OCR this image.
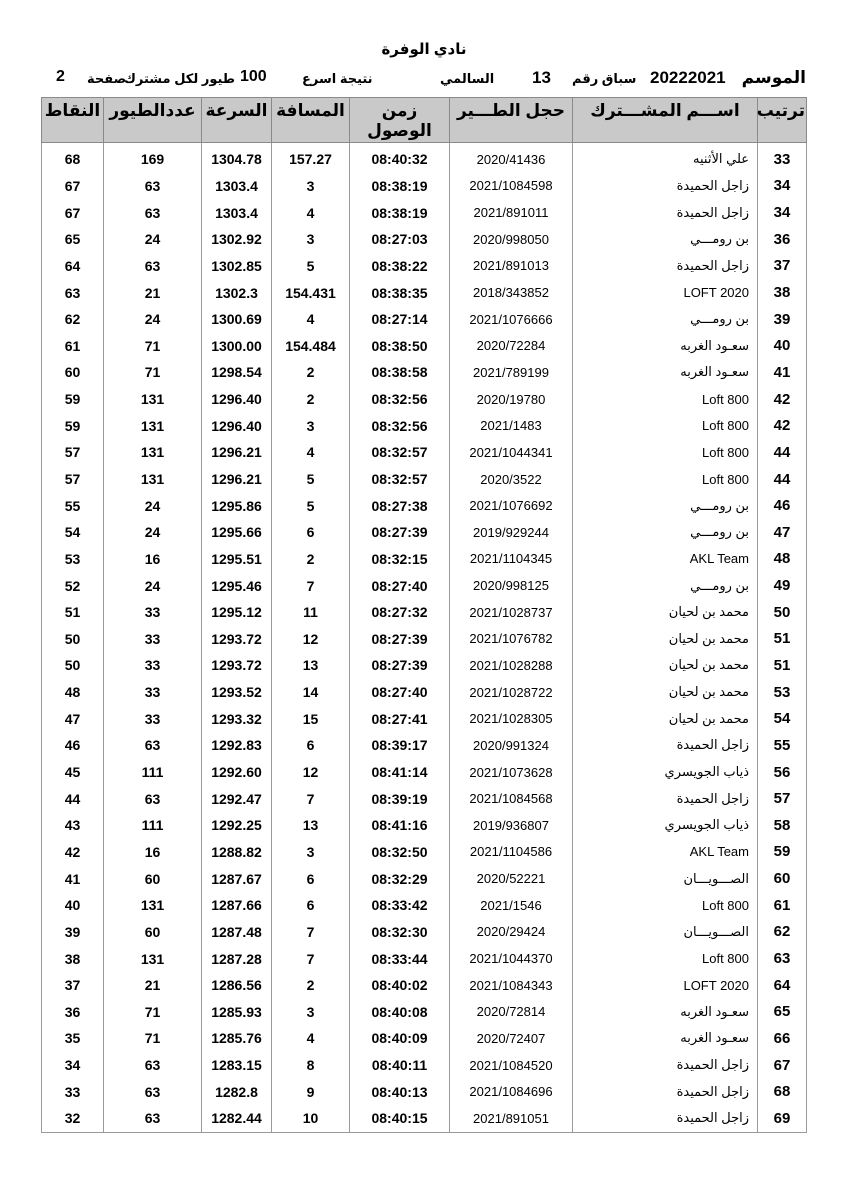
نادي الوفرة
الموسم
20222021
سباق رقم
13
السالمي
نتيجة اسرع
100
طيور لكل مشترك
صفحة
2
ترتيب	اســـم المشـــترك	حجل الطـــير	زمن الوصول	المسافة	السرعة	عددالطيور	النقاط

33	علي الأثنيه	2020/41436	08:40:32	157.27	1304.78	169	68
34	زاجل الحميدة	2021/1084598	08:38:19	3	1303.4	63	67
34	زاجل الحميدة	2021/891011	08:38:19	4	1303.4	63	67
36	بن رومـــي	2020/998050	08:27:03	3	1302.92	24	65
37	زاجل الحميدة	2021/891013	08:38:22	5	1302.85	63	64
38	LOFT 2020	2018/343852	08:38:35	154.431	1302.3	21	63
39	بن رومـــي	2021/1076666	08:27:14	4	1300.69	24	62
40	سعـود الغربه	2020/72284	08:38:50	154.484	1300.00	71	61
41	سعـود الغربه	2021/789199	08:38:58	2	1298.54	71	60
42	Loft 800	2020/19780	08:32:56	2	1296.40	131	59
42	Loft 800	2021/1483	08:32:56	3	1296.40	131	59
44	Loft 800	2021/1044341	08:32:57	4	1296.21	131	57
44	Loft 800	2020/3522	08:32:57	5	1296.21	131	57
46	بن رومـــي	2021/1076692	08:27:38	5	1295.86	24	55
47	بن رومـــي	2019/929244	08:27:39	6	1295.66	24	54
48	AKL Team	2021/1104345	08:32:15	2	1295.51	16	53
49	بن رومـــي	2020/998125	08:27:40	7	1295.46	24	52
50	محمد بن لحيان	2021/1028737	08:27:32	11	1295.12	33	51
51	محمد بن لحيان	2021/1076782	08:27:39	12	1293.72	33	50
51	محمد بن لحيان	2021/1028288	08:27:39	13	1293.72	33	50
53	محمد بن لحيان	2021/1028722	08:27:40	14	1293.52	33	48
54	محمد بن لحيان	2021/1028305	08:27:41	15	1293.32	33	47
55	زاجل الحميدة	2020/991324	08:39:17	6	1292.83	63	46
56	ذياب الجويسري	2021/1073628	08:41:14	12	1292.60	111	45
57	زاجل الحميدة	2021/1084568	08:39:19	7	1292.47	63	44
58	ذياب الجويسري	2019/936807	08:41:16	13	1292.25	111	43
59	AKL Team	2021/1104586	08:32:50	3	1288.82	16	42
60	الصـــويـــان	2020/52221	08:32:29	6	1287.67	60	41
61	Loft 800	2021/1546	08:33:42	6	1287.66	131	40
62	الصـــويـــان	2020/29424	08:32:30	7	1287.48	60	39
63	Loft 800	2021/1044370	08:33:44	7	1287.28	131	38
64	LOFT 2020	2021/1084343	08:40:02	2	1286.56	21	37
65	سعـود الغربه	2020/72814	08:40:08	3	1285.93	71	36
66	سعـود الغربه	2020/72407	08:40:09	4	1285.76	71	35
67	زاجل الحميدة	2021/1084520	08:40:11	8	1283.15	63	34
68	زاجل الحميدة	2021/1084696	08:40:13	9	1282.8	63	33
69	زاجل الحميدة	2021/891051	08:40:15	10	1282.44	63	32
